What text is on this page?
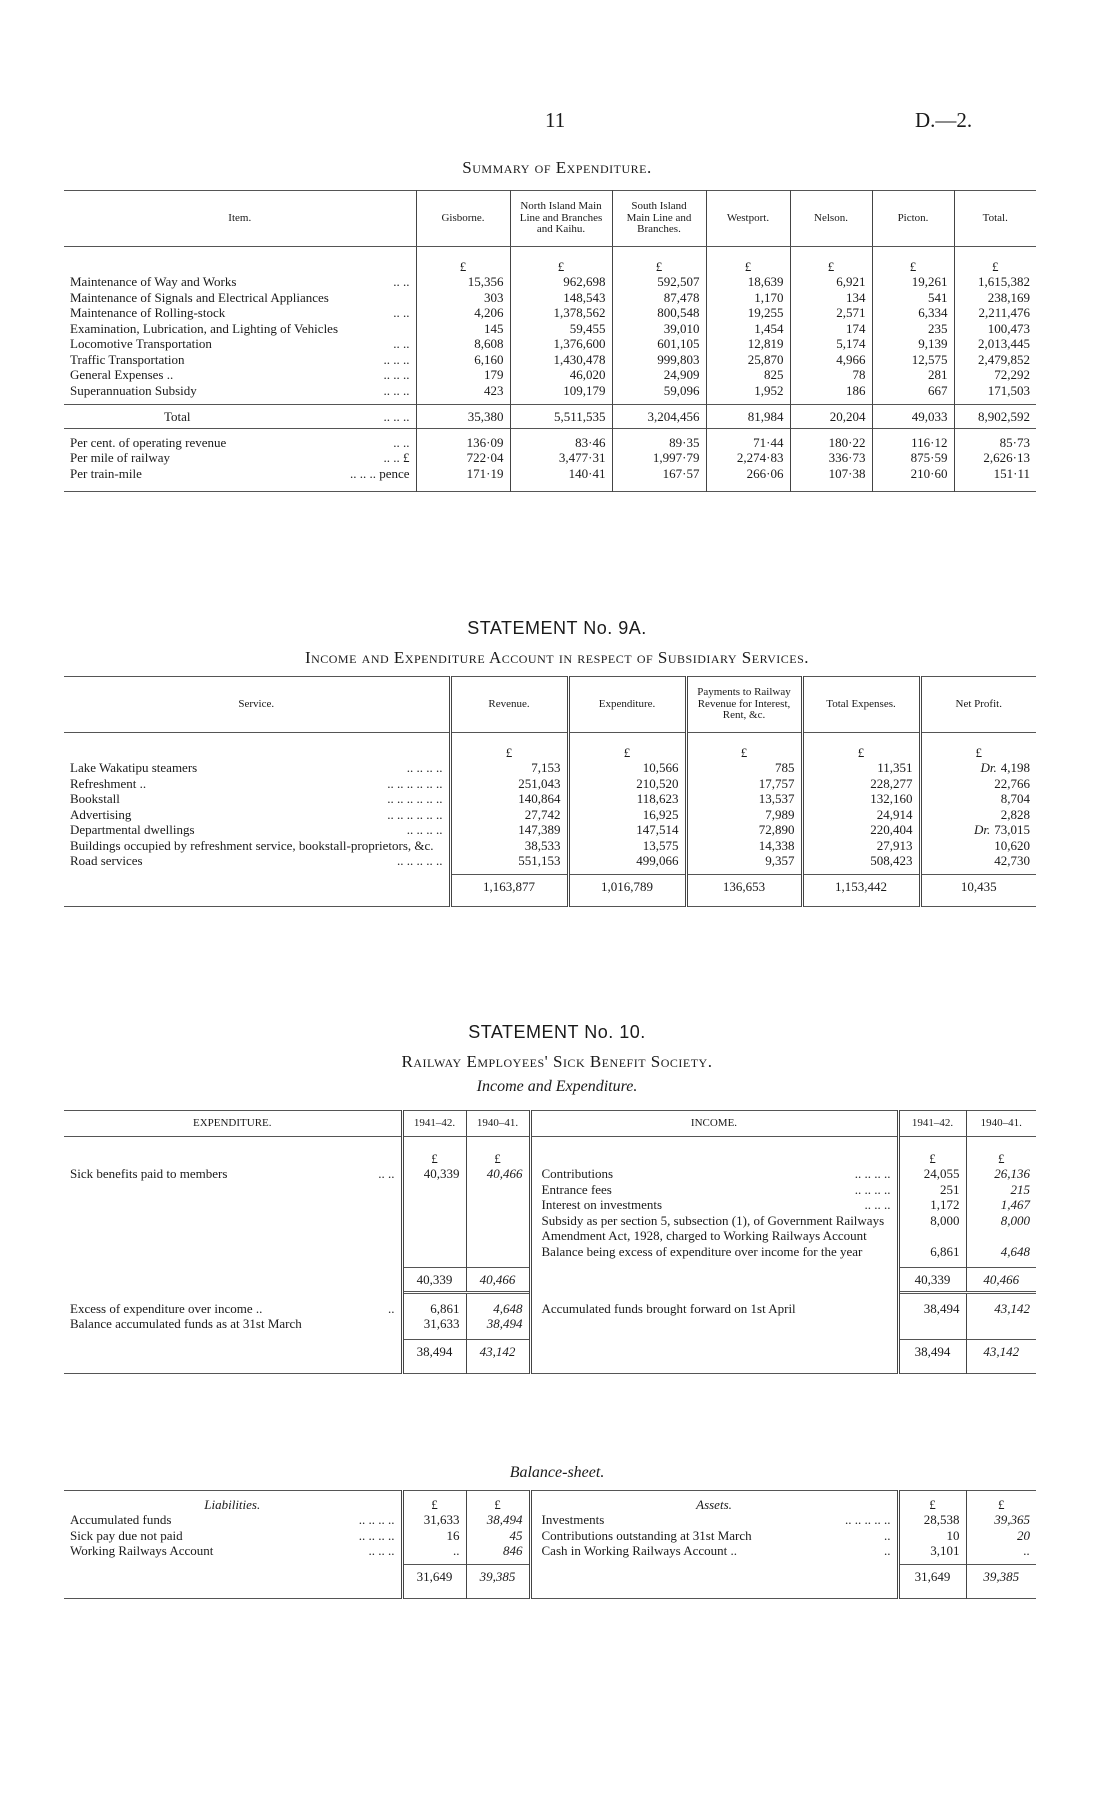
11	D.—2.
Summary of Expenditure.
Item.	Gisborne.	North Island Main Line and Branches and Kaihu.	South Island Main Line and Branches.	Westport.	Nelson.	Picton.	Total.

	£	£	£	£	£	£	£
Maintenance of Way and Works .. ..	15,356	962,698	592,507	18,639	6,921	19,261	1,615,382
Maintenance of Signals and Electrical Appliances	303	148,543	87,478	1,170	134	541	238,169
Maintenance of Rolling-stock .. ..	4,206	1,378,562	800,548	19,255	2,571	6,334	2,211,476
Examination, Lubrication, and Lighting of Vehicles	145	59,455	39,010	1,454	174	235	100,473
Locomotive Transportation .. ..	8,608	1,376,600	601,105	12,819	5,174	9,139	2,013,445
Traffic Transportation .. .. ..	6,160	1,430,478	999,803	25,870	4,966	12,575	2,479,852
General Expenses .. .. .. ..	179	46,020	24,909	825	78	281	72,292
Superannuation Subsidy .. .. ..	423	109,179	59,096	1,952	186	667	171,503

Total .. .. ..	35,380	5,511,535	3,204,456	81,984	20,204	49,033	8,902,592

Per cent. of operating revenue .. ..	136·09	83·46	89·35	71·44	180·22	116·12	85·73
Per mile of railway .. .. £	722·04	3,477·31	1,997·79	2,274·83	336·73	875·59	2,626·13
Per train-mile .. .. .. pence	171·19	140·41	167·57	266·06	107·38	210·60	151·11

STATEMENT No. 9A.
Income and Expenditure Account in respect of Subsidiary Services.
Service.	Revenue.	Expenditure.	Payments to Railway Revenue for Interest, Rent, &c.	Total Expenses.	Net Profit.

	£	£	£	£	£
Lake Wakatipu steamers .. .. .. ..	7,153	10,566	785	11,351	Dr. 4,198
Refreshment .. .. .. .. .. .. ..	251,043	210,520	17,757	228,277	22,766
Bookstall .. .. .. .. .. ..	140,864	118,623	13,537	132,160	8,704
Advertising .. .. .. .. .. ..	27,742	16,925	7,989	24,914	2,828
Departmental dwellings .. .. .. ..	147,389	147,514	72,890	220,404	Dr. 73,015
Buildings occupied by refreshment service, bookstall-proprietors, &c.	38,533	13,575	14,338	27,913	10,620
Road services .. .. .. .. ..	551,153	499,066	9,357	508,423	42,730

	1,163,877	1,016,789	136,653	1,153,442	10,435

STATEMENT No. 10.
Railway Employees' Sick Benefit Society.
Income and Expenditure.
EXPENDITURE.	1941–42.	1940–41.	INCOME.	1941–42.	1940–41.

	£	£		£	£
Sick benefits paid to members .. ..	40,339	40,466	Contributions .. .. .. ..	24,055	26,136
			Entrance fees .. .. .. ..	251	215
			Interest on investments .. .. ..	1,172	1,467
			Subsidy as per section 5, subsection (1), of Government Railways Amendment Act, 1928, charged to Working Railways Account	8,000	8,000
			Balance being excess of expenditure over income for the year	6,861	4,648

	40,339	40,466		40,339	40,466

Excess of expenditure over income .. ..	6,861	4,648	Accumulated funds brought forward on 1st April	38,494	43,142
Balance accumulated funds as at 31st March	31,633	38,494			

	38,494	43,142		38,494	43,142

Balance-sheet.

Liabilities.	£	£	Assets.	£	£
Accumulated funds .. .. .. ..	31,633	38,494	Investments .. .. .. .. ..	28,538	39,365
Sick pay due not paid .. .. .. ..	16	45	Contributions outstanding at 31st March ..	10	20
Working Railways Account .. .. ..	..	846	Cash in Working Railways Account .. ..	3,101	..

	31,649	39,385		31,649	39,385
